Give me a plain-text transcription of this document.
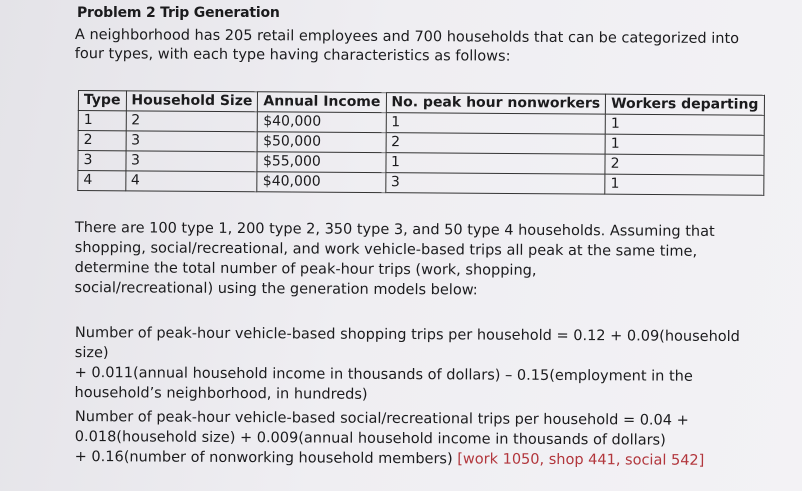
Problem 2 Trip Generation
A neighborhood has 205 retail employees and 700 households that can be categorized into
four types, with each type having characteristics as follows:
Type	Household Size	Annual Income	No. peak hour nonworkers	Workers departing
1	2	$40,000	1	1
2	3	$50,000	2	1
3	3	$55,000	1	2
4	4	$40,000	3	1
There are 100 type 1, 200 type 2, 350 type 3, and 50 type 4 households. Assuming that
shopping, social/recreational, and work vehicle-based trips all peak at the same time,
determine the total number of peak-hour trips (work, shopping,
social/recreational) using the generation models below:
Number of peak-hour vehicle-based shopping trips per household = 0.12 + 0.09(household size)
+ 0.011(annual household income in thousands of dollars) – 0.15(employment in the
household’s neighborhood, in hundreds)
Number of peak-hour vehicle-based social/recreational trips per household = 0.04 +
0.018(household size) + 0.009(annual household income in thousands of dollars)
+ 0.16(number of nonworking household members) [work 1050, shop 441, social 542]
